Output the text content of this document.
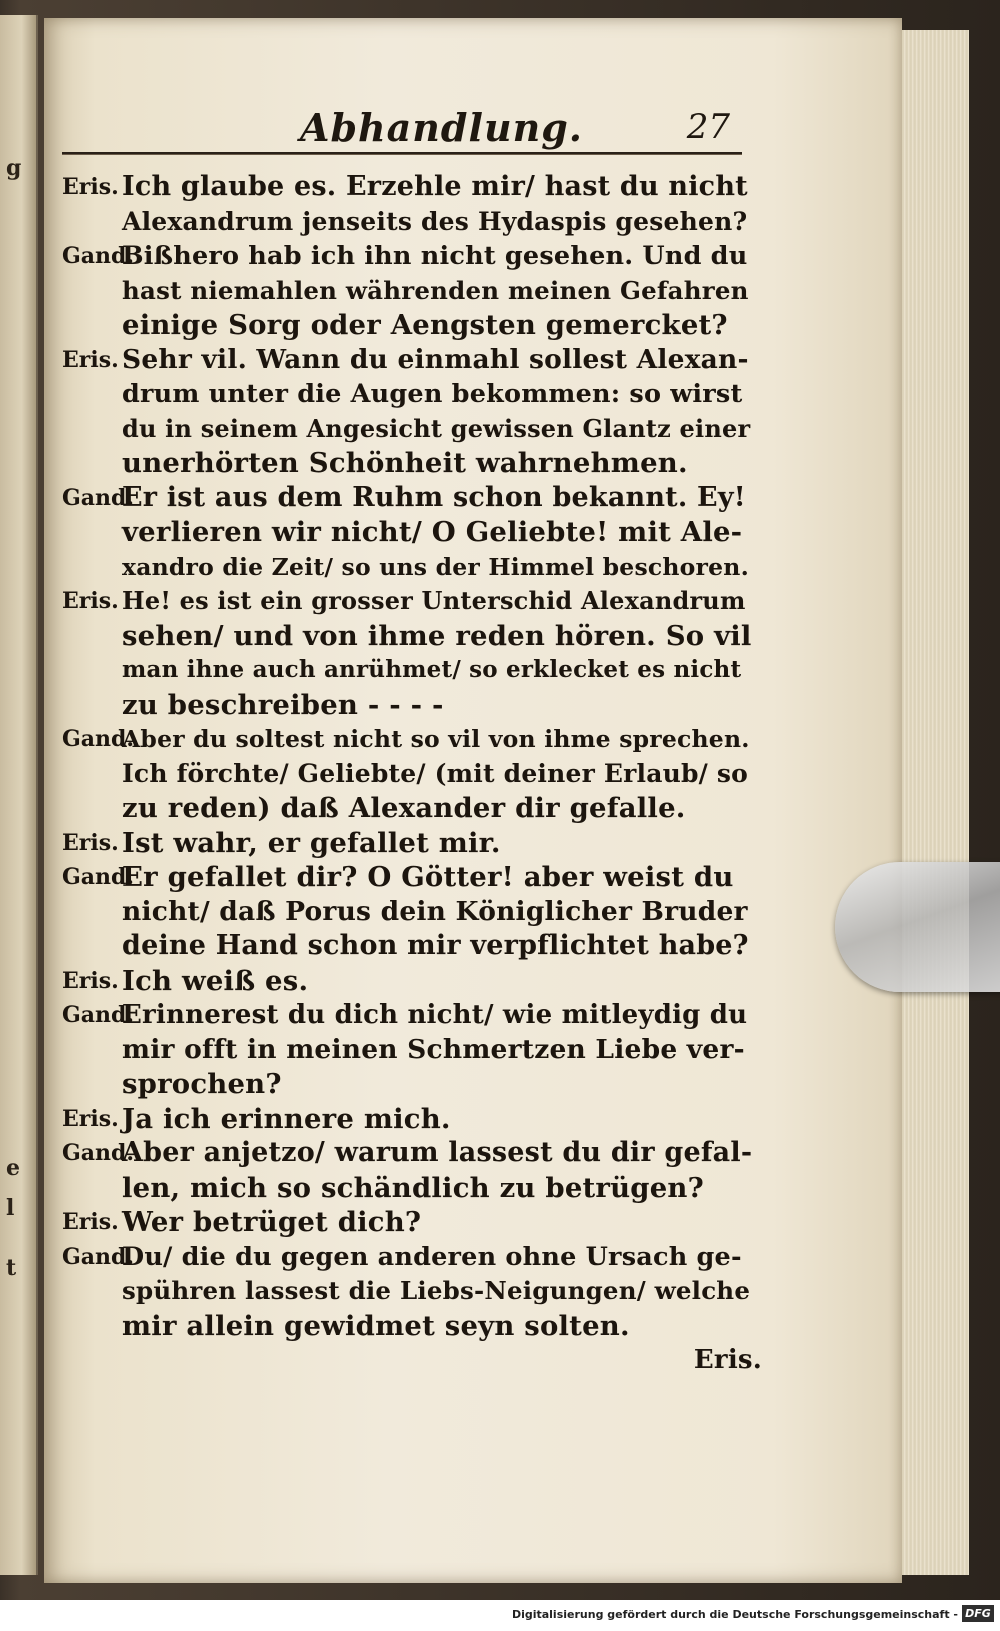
g
e
l
t
Abhandlung.	27
Eris. Ich glaube es. Erzehle mir/ hast du nicht
Alexandrum jenseits des Hydaspis gesehen?
Gand.
Bißhero hab ich ihn nicht gesehen. Und du
hast niemahlen währenden meinen Gefahren
einige Sorg oder Aengsten gemercket?
Eris. Sehr vil. Wann du einmahl sollest Alexan-
drum unter die Augen bekommen: so wirst
du in seinem Angesicht gewissen Glantz einer
unerhörten Schönheit wahrnehmen.
Gand.
Er ist aus dem Ruhm schon bekannt. Ey!
verlieren wir nicht/ O Geliebte! mit Ale-
xandro die Zeit/ so uns der Himmel beschoren.
Eris. He! es ist ein grosser Unterschid Alexandrum
sehen/ und von ihme reden hören. So vil
man ihne auch anrühmet/ so erklecket es nicht
zu beschreiben - - - -
Gand.
Aber du soltest nicht so vil von ihme sprechen.
Ich förchte/ Geliebte/ (mit deiner Erlaub/ so
zu reden) daß Alexander dir gefalle.
Eris. Ist wahr, er gefallet mir.
Gand.
Er gefallet dir? O Götter! aber weist du
nicht/ daß Porus dein Königlicher Bruder
deine Hand schon mir verpflichtet habe?
Eris. Ich weiß es.
Gand.
Erinnerest du dich nicht/ wie mitleydig du
mir offt in meinen Schmertzen Liebe ver-
sprochen?
Eris. Ja ich erinnere mich.
Gand.
Aber anjetzo/ warum lassest du dir gefal-
len, mich so schändlich zu betrügen?
Eris. Wer betrüget dich?
Gand.
Du/ die du gegen anderen ohne Ursach ge-
spühren lassest die Liebs-Neigungen/ welche
mir allein gewidmet seyn solten.
Eris.
Digitalisierung gefördert durch die Deutsche Forschungsgemeinschaft - DFG
